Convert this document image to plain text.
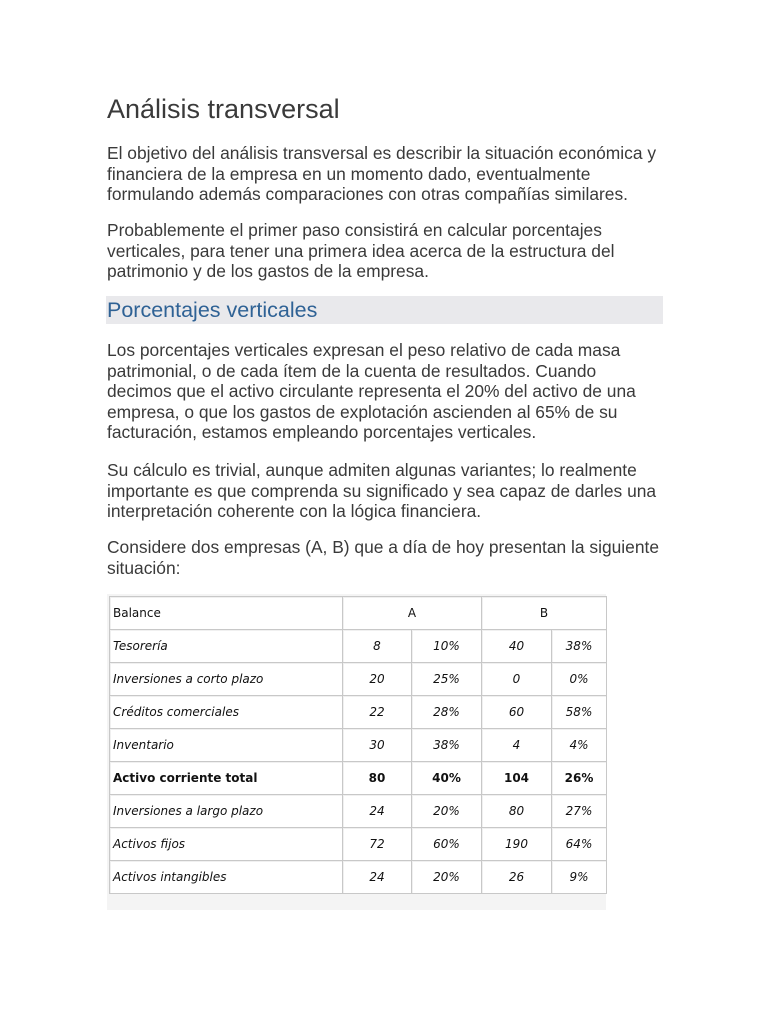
Análisis transversal

El objetivo del análisis transversal es describir la situación económica y financiera de la empresa en un momento dado, eventualmente formulando además comparaciones con otras compañías similares.

Probablemente el primer paso consistirá en calcular porcentajes verticales, para tener una primera idea acerca de la estructura del patrimonio y de los gastos de la empresa.

Porcentajes verticales

Los porcentajes verticales expresan el peso relativo de cada masa patrimonial, o de cada ítem de la cuenta de resultados. Cuando decimos que el activo circulante representa el 20% del activo de una empresa, o que los gastos de explotación ascienden al 65% de su facturación, estamos empleando porcentajes verticales.

Su cálculo es trivial, aunque admiten algunas variantes; lo realmente importante es que comprenda su significado y sea capaz de darles una interpretación coherente con la lógica financiera.

Considere dos empresas (A, B) que a día de hoy presentan la siguiente situación:

Balance	A		B	
Tesorería	8	10%	40	38%
Inversiones a corto plazo	20	25%	0	0%
Créditos comerciales	22	28%	60	58%
Inventario	30	38%	4	4%
Activo corriente total	80	40%	104	26%
Inversiones a largo plazo	24	20%	80	27%
Activos fijos	72	60%	190	64%
Activos intangibles	24	20%	26	9%
